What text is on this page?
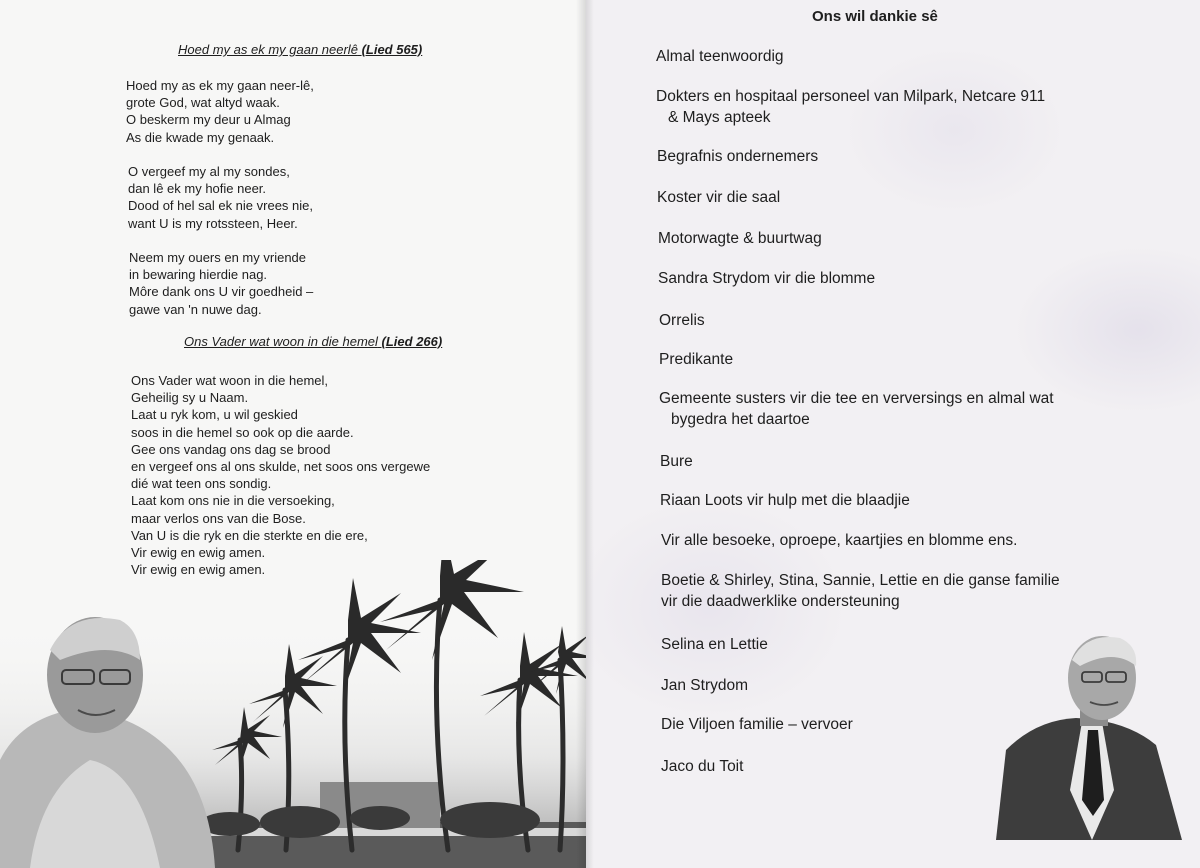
Hoed my as ek my gaan neerlê (Lied 565)

Hoed my as ek my gaan neer-lê,
grote God, wat altyd waak.
O beskerm my deur u Almag
As die kwade my genaak.
O vergeef my al my sondes,
dan lê ek my hofie neer.
Dood of hel sal ek nie vrees nie,
want U is my rotssteen, Heer.
Neem my ouers en my vriende
in bewaring hierdie nag.
Môre dank ons U vir goedheid –
gawe van 'n nuwe dag.

Ons Vader wat woon in die hemel (Lied 266)

Ons Vader wat woon in die hemel,
Geheilig sy u Naam.
Laat u ryk kom, u wil geskied
soos in die hemel so ook op die aarde.
Gee ons vandag ons dag se brood
en vergeef ons al ons skulde, net soos ons vergewe
dié wat teen ons sondig.
Laat kom ons nie in die versoeking,
maar verlos ons van die Bose.
Van U is die ryk en die sterkte en die ere,
Vir ewig en ewig amen.
Vir ewig en ewig amen.
Ons wil dankie sê
Almal teenwoordig
Dokters en hospitaal personeel van Milpark, Netcare 911
& Mays apteek
Begrafnis ondernemers
Koster vir die saal
Motorwagte & buurtwag
Sandra Strydom vir die blomme
Orrelis
Predikante
Gemeente susters vir die tee en verversings en almal wat
bygedra het daartoe
Bure
Riaan Loots vir hulp met die blaadjie
Vir alle besoeke, oproepe, kaartjies en blomme ens.
Boetie & Shirley, Stina, Sannie, Lettie en die ganse familie
vir die daadwerklike ondersteuning
Selina en Lettie
Jan Strydom
Die Viljoen familie – vervoer
Jaco du Toit
